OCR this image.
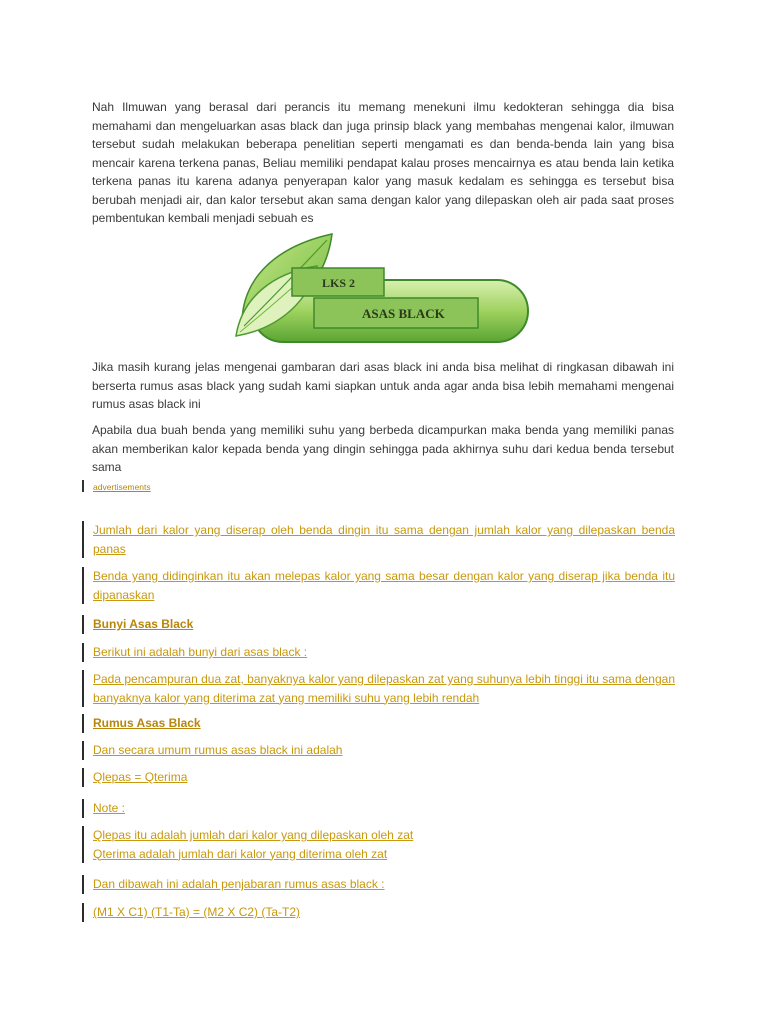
Nah Ilmuwan yang berasal dari perancis itu memang menekuni ilmu kedokteran sehingga dia bisa memahami dan mengeluarkan asas black dan juga prinsip black yang membahas mengenai kalor, ilmuwan tersebut sudah melakukan beberapa penelitian seperti mengamati es dan benda-benda lain yang bisa mencair karena terkena panas, Beliau memiliki pendapat kalau proses mencairnya es atau benda lain ketika terkena panas itu karena adanya penyerapan kalor yang masuk kedalam es sehingga es tersebut bisa berubah menjadi air, dan kalor tersebut akan sama dengan kalor yang dilepaskan oleh air pada saat proses pembentukan kembali menjadi sebuah es

LKS 2
ASAS BLACK

Jika masih kurang jelas mengenai gambaran dari asas black ini anda bisa melihat di ringkasan dibawah ini berserta rumus asas black yang sudah kami siapkan untuk anda agar anda bisa lebih memahami mengenai rumus asas black ini

Apabila dua buah benda yang memiliki suhu yang berbeda dicampurkan maka benda yang memiliki panas akan memberikan kalor kepada benda yang dingin sehingga pada akhirnya suhu dari kedua benda tersebut sama

advertisements
Jumlah dari kalor yang diserap oleh benda dingin itu sama dengan jumlah kalor yang dilepaskan benda panas
Benda yang didinginkan itu akan melepas kalor yang sama besar dengan kalor yang diserap jika benda itu dipanaskan
Bunyi Asas Black
Berikut ini adalah bunyi dari asas black :
Pada pencampuran dua zat, banyaknya kalor yang dilepaskan zat yang suhunya lebih tinggi itu sama dengan banyaknya kalor yang diterima zat yang memiliki suhu yang lebih rendah
Rumus Asas Black
Dan secara umum rumus asas black ini adalah
Qlepas = Qterima
Note :
Qlepas itu adalah jumlah dari kalor yang dilepaskan oleh zat
Qterima adalah jumlah dari kalor yang diterima oleh zat
Dan dibawah ini adalah penjabaran rumus asas black :
(M1 X C1) (T1-Ta) = (M2 X C2) (Ta-T2)
